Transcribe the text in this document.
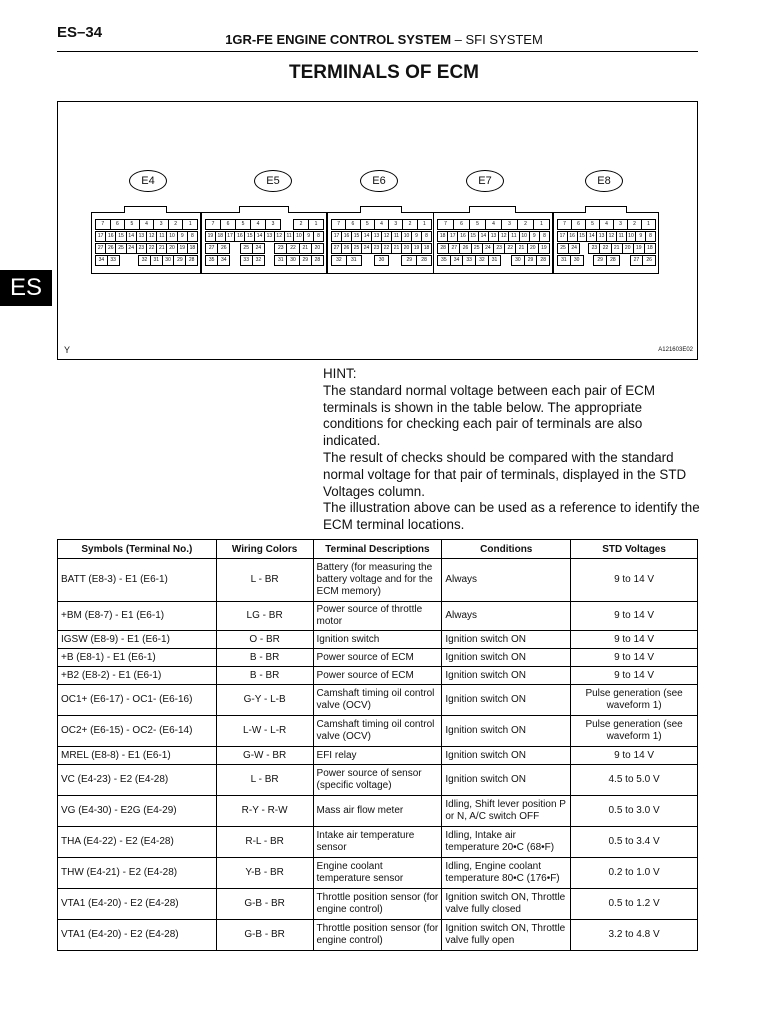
ES–34	1GR-FE ENGINE CONTROL SYSTEM – SFI SYSTEM
TERMINALS OF ECM
ES
E4
7	6	5	4	3	2	1
17 16 15 14 13 12 11 10	9	8
27 26 25 24 23 22 21 20 19 18
34	33	32	31	30	29	28
E5
7	6	5	4	3	2	1
19 18 17 16 15 14 13 12 11 10	9	8
27	26	25	24	23	22	21	20
35	34	33	32	31	30	29	28
E6
7	6	5	4	3	2	1
17 16 15 14 13 12 11 10	9	8
27 26 25 24 23 22 21 20 19 18
32	31	30	29	28
E7
7	6	5	4	3	2	1
18 17 16 15 14 13 12 11 10	9	8
28	27	26	25	24	23	22	21	20	19
35	34	33	32	31	30	29	28
E8
7	6	5	4	3	2	1
17 16 15 14 13 12 11 10	9	8
25	24	23	22	21	20	19	18
31	30	29	28	27	26
Y	A121603E02

HINT:

The standard normal voltage between each pair of ECM terminals is shown in the table below. The appropriate conditions for checking each pair of terminals are also indicated.

The result of checks should be compared with the standard normal voltage for that pair of terminals, displayed in the STD Voltages column.

The illustration above can be used as a reference to identify the ECM terminal locations.

Symbols (Terminal No.)	Wiring Colors	Terminal Descriptions	Conditions	STD Voltages
BATT (E8-3) - E1 (E6-1)	L - BR	Battery (for measuring the battery voltage and for the ECM memory)	Always	9 to 14 V
+BM (E8-7) - E1 (E6-1)	LG - BR	Power source of throttle motor	Always	9 to 14 V
IGSW (E8-9) - E1 (E6-1)	O - BR	Ignition switch	Ignition switch ON	9 to 14 V
+B (E8-1) - E1 (E6-1)	B - BR	Power source of ECM	Ignition switch ON	9 to 14 V
+B2 (E8-2) - E1 (E6-1)	B - BR	Power source of ECM	Ignition switch ON	9 to 14 V
OC1+ (E6-17) - OC1- (E6-16)	G-Y - L-B	Camshaft timing oil control valve (OCV)	Ignition switch ON	Pulse generation (see waveform 1)
OC2+ (E6-15) - OC2- (E6-14)	L-W - L-R	Camshaft timing oil control valve (OCV)	Ignition switch ON	Pulse generation (see waveform 1)
MREL (E8-8) - E1 (E6-1)	G-W - BR	EFI relay	Ignition switch ON	9 to 14 V
VC (E4-23) - E2 (E4-28)	L - BR	Power source of sensor (specific voltage)	Ignition switch ON	4.5 to 5.0 V
VG (E4-30) - E2G (E4-29)	R-Y - R-W	Mass air flow meter	Idling, Shift lever position P or N, A/C switch OFF	0.5 to 3.0 V
THA (E4-22) - E2 (E4-28)	R-L - BR	Intake air temperature sensor	Idling, Intake air temperature 20•C (68•F)	0.5 to 3.4 V
THW (E4-21) - E2 (E4-28)	Y-B - BR	Engine coolant temperature sensor	Idling, Engine coolant temperature 80•C (176•F)	0.2 to 1.0 V
VTA1 (E4-20) - E2 (E4-28)	G-B - BR	Throttle position sensor (for engine control)	Ignition switch ON, Throttle valve fully closed	0.5 to 1.2 V
VTA1 (E4-20) - E2 (E4-28)	G-B - BR	Throttle position sensor (for engine control)	Ignition switch ON, Throttle valve fully open	3.2 to 4.8 V
